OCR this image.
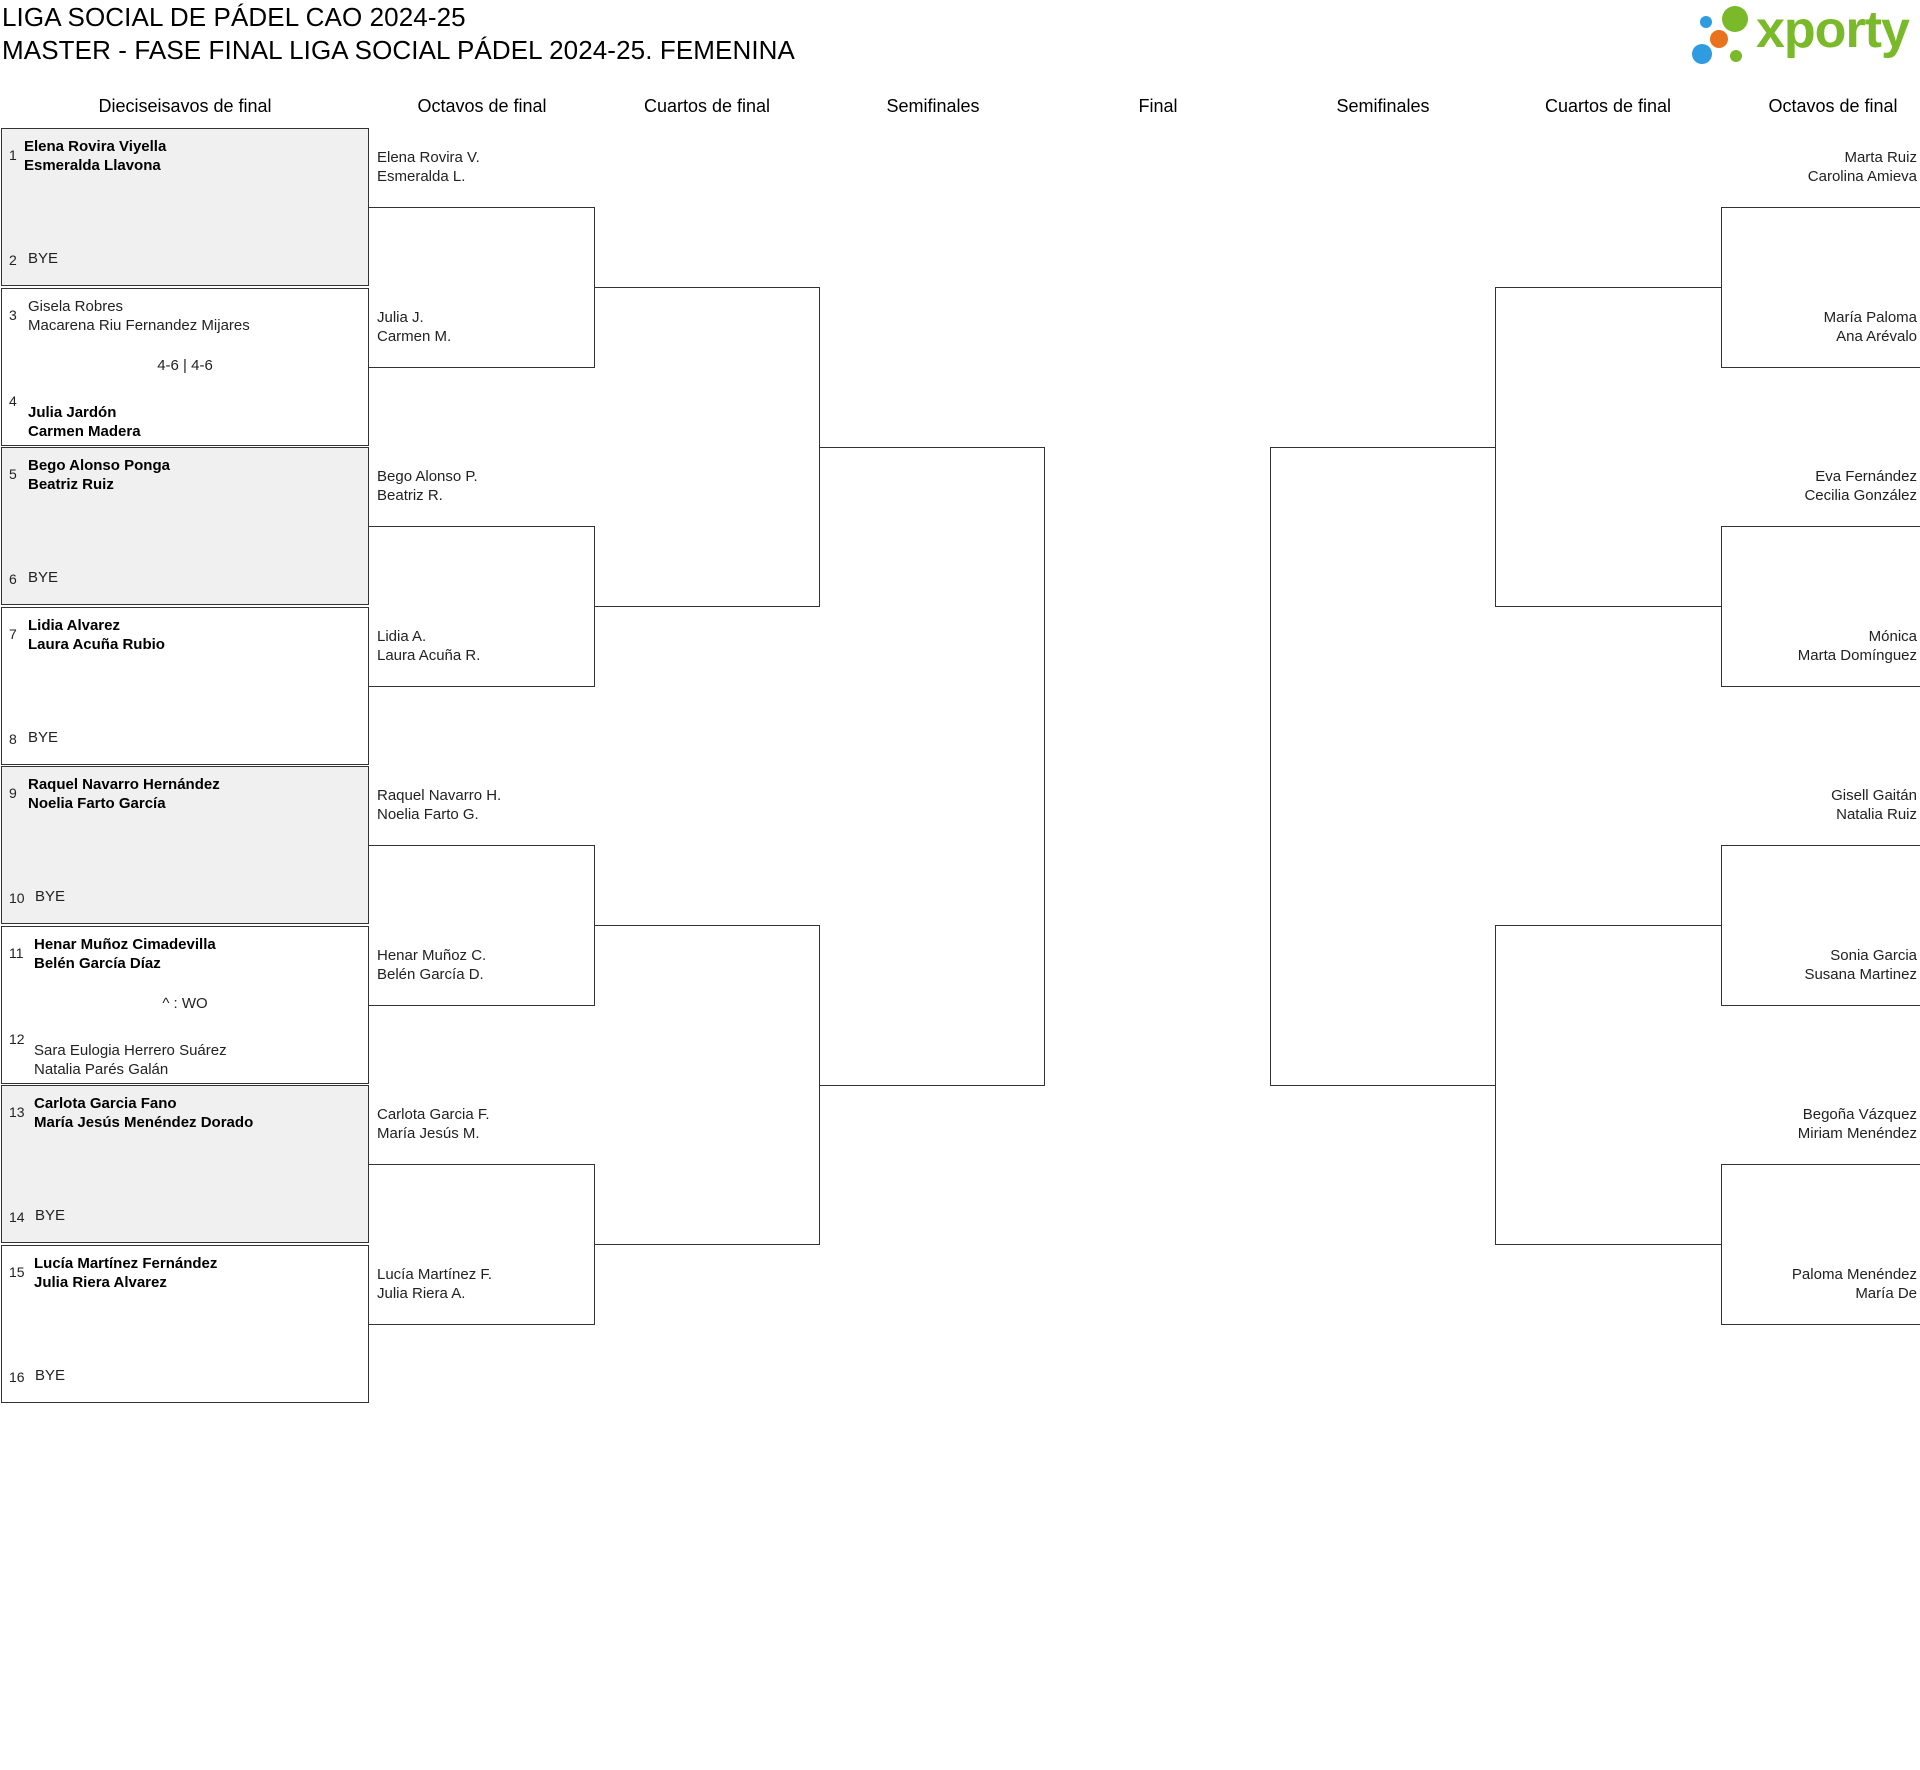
LIGA SOCIAL DE PÁDEL CAO 2024-25
MASTER - FASE FINAL LIGA SOCIAL PÁDEL 2024-25. FEMENINA	xporty
Dieciseisavos de final	Octavos de final	Cuartos de final	Semifinales	Final	Semifinales	Cuartos de final	Octavos de final
1 Elena Rovira Viyella
Esmeralda Llavona
2 BYE
3 Gisela Robres
Macarena Riu Fernandez Mijares
4
Julia Jardón
Carmen Madera
4-6 | 4-6
5 Bego Alonso Ponga
Beatriz Ruiz
6 BYE
7 Lidia Alvarez
Laura Acuña Rubio
8 BYE
9 Raquel Navarro Hernández
Noelia Farto García
10 BYE
11 Henar Muñoz Cimadevilla
Belén García Díaz
12
Sara Eulogia Herrero Suárez
Natalia Parés Galán
^ : WO
13 Carlota Garcia Fano
María Jesús Menéndez Dorado
14 BYE
15 Lucía Martínez Fernández
Julia Riera Alvarez
16 BYE
Elena Rovira V.
Esmeralda L.
Julia J.
Carmen M.
Bego Alonso P.
Beatriz R.
Lidia A.
Laura Acuña R.
Raquel Navarro H.
Noelia Farto G.
Henar Muñoz C.
Belén García D.
Carlota Garcia F.
María Jesús M.
Lucía Martínez F.
Julia Riera A.
Marta Ruiz
Carolina Amieva
María Paloma
Ana Arévalo
Eva Fernández
Cecilia González
Mónica
Marta Domínguez
Gisell Gaitán
Natalia Ruiz
Sonia Garcia
Susana Martinez
Begoña Vázquez
Miriam Menéndez
Paloma Menéndez
María De
